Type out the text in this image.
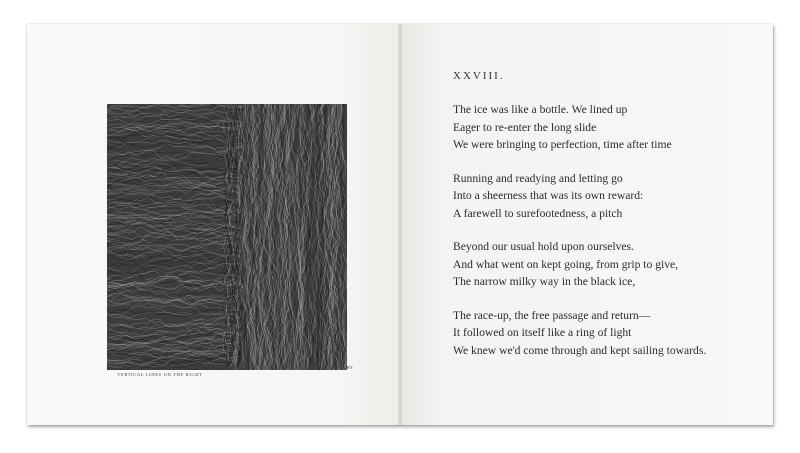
28. SCRIBBLES WITH NOT STRAIGHT HORIZONTAL LINES ON THE LEFT AND NOT STRAIGHT
VERTICAL LINES ON THE RIGHT
XXVIII.
The ice was like a bottle. We lined up
Eager to re-enter the long slide
We were bringing to perfection, time after time
Running and readying and letting go
Into a sheerness that was its own reward:
A farewell to surefootedness, a pitch
Beyond our usual hold upon ourselves.
And what went on kept going, from grip to give,
The narrow milky way in the black ice,
The race-up, the free passage and return—
It followed on itself like a ring of light
We knew we'd come through and kept sailing towards.
